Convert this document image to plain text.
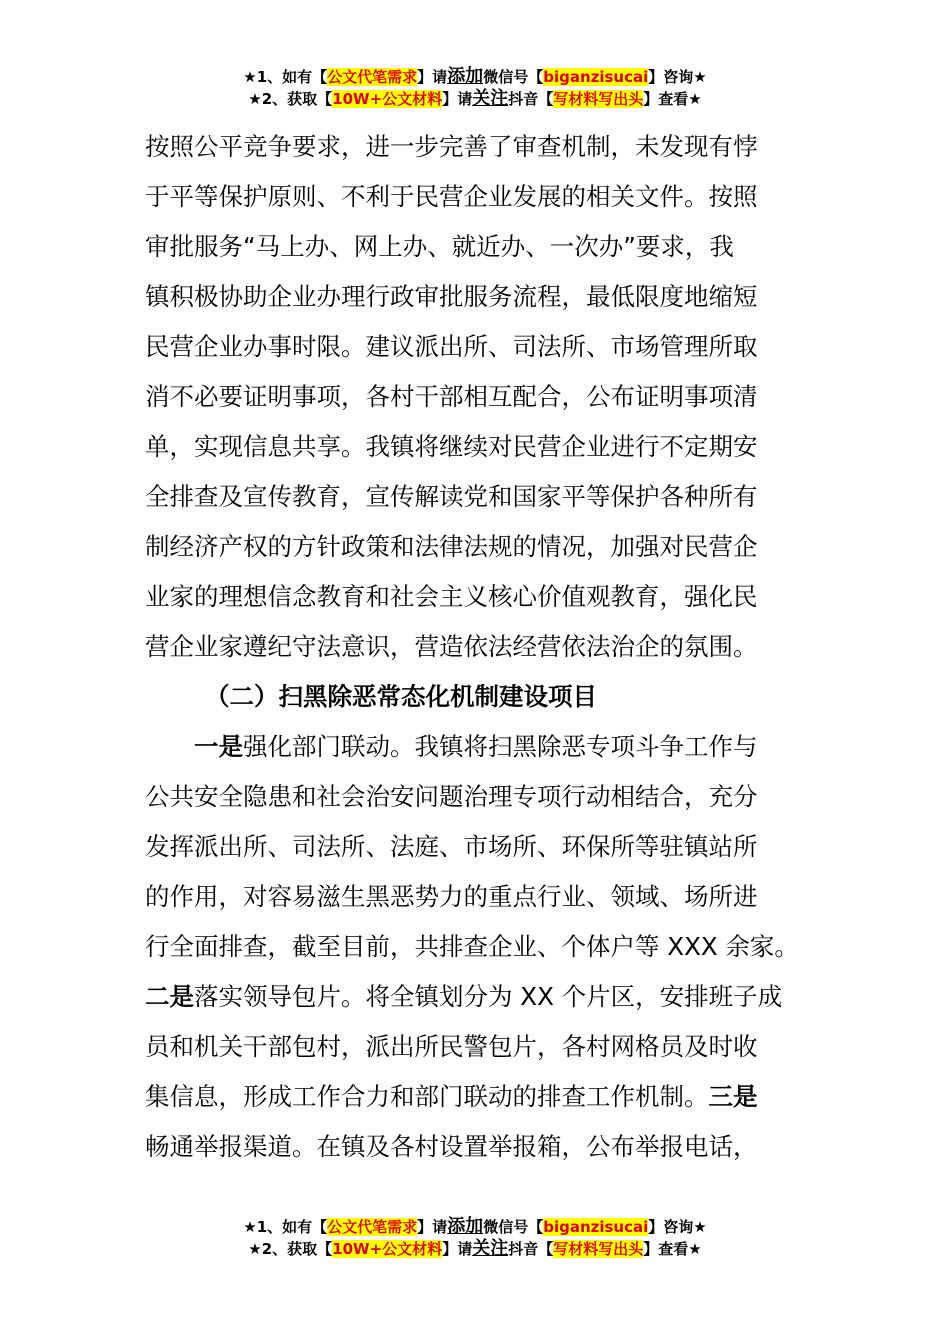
★1、如有【公文代笔需求】请添加微信号【biganzisucai】咨询★
★2、获取【10W+公文材料】请关注抖音【写材料写出头】查看★
按照公平竞争要求，进一步完善了审查机制，未发现有悖
于平等保护原则、不利于民营企业发展的相关文件。按照
审批服务“马上办、网上办、就近办、一次办”要求，我
镇积极协助企业办理行政审批服务流程，最低限度地缩短
民营企业办事时限。建议派出所、司法所、市场管理所取
消不必要证明事项，各村干部相互配合，公布证明事项清
单，实现信息共享。我镇将继续对民营企业进行不定期安
全排查及宣传教育，宣传解读党和国家平等保护各种所有
制经济产权的方针政策和法律法规的情况，加强对民营企
业家的理想信念教育和社会主义核心价值观教育，强化民
营企业家遵纪守法意识，营造依法经营依法治企的氛围。
（二）扫黑除恶常态化机制建设项目
一是强化部门联动。我镇将扫黑除恶专项斗争工作与
公共安全隐患和社会治安问题治理专项行动相结合，充分
发挥派出所、司法所、法庭、市场所、环保所等驻镇站所
的作用，对容易滋生黑恶势力的重点行业、领域、场所进
行全面排查，截至目前，共排查企业、个体户等 XXX 余家。
二是落实领导包片。将全镇划分为 XX 个片区，安排班子成
员和机关干部包村，派出所民警包片，各村网格员及时收
集信息，形成工作合力和部门联动的排查工作机制。三是
畅通举报渠道。在镇及各村设置举报箱，公布举报电话，
★1、如有【公文代笔需求】请添加微信号【biganzisucai】咨询★
★2、获取【10W+公文材料】请关注抖音【写材料写出头】查看★
